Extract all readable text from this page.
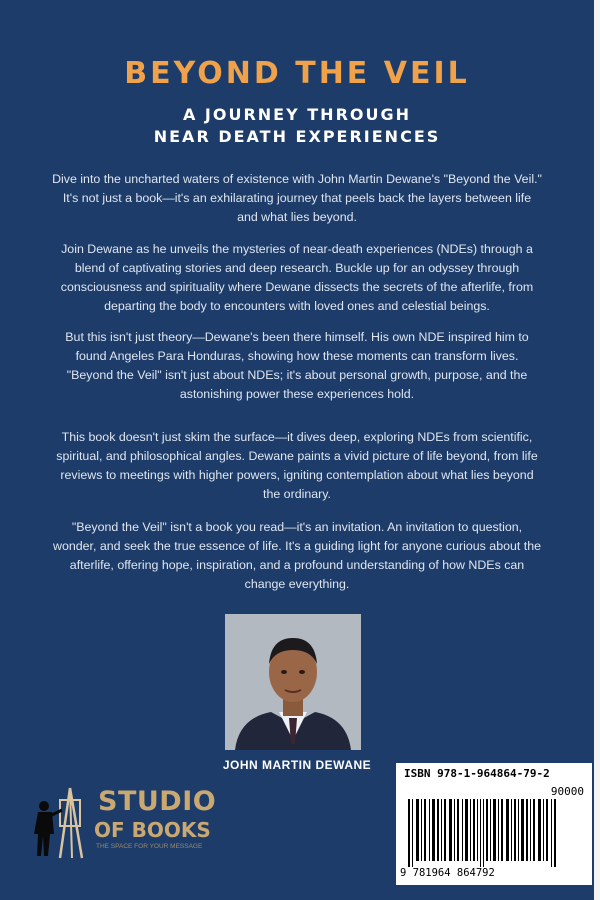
BEYOND THE VEIL
A JOURNEY THROUGH
NEAR DEATH EXPERIENCES

Dive into the uncharted waters of existence with John Martin Dewane's "Beyond the Veil." It's not just a book—it's an exhilarating journey that peels back the layers between life and what lies beyond.

Join Dewane as he unveils the mysteries of near-death experiences (NDEs) through a blend of captivating stories and deep research. Buckle up for an odyssey through consciousness and spirituality where Dewane dissects the secrets of the afterlife, from departing the body to encounters with loved ones and celestial beings.

But this isn't just theory—Dewane's been there himself. His own NDE inspired him to found Angeles Para Honduras, showing how these moments can transform lives. "Beyond the Veil" isn't just about NDEs; it's about personal growth, purpose, and the astonishing power these experiences hold.

This book doesn't just skim the surface—it dives deep, exploring NDEs from scientific, spiritual, and philosophical angles. Dewane paints a vivid picture of life beyond, from life reviews to meetings with higher powers, igniting contemplation about what lies beyond the ordinary.

"Beyond the Veil" isn't a book you read—it's an invitation. An invitation to question, wonder, and seek the true essence of life. It's a guiding light for anyone curious about the afterlife, offering hope, inspiration, and a profound understanding of how NDEs can change everything.

JOHN MARTIN DEWANE
STUDIO
OF BOOKS
THE SPACE FOR YOUR MESSAGE
ISBN 978-1-964864-79-2
90000
9 781964 864792
